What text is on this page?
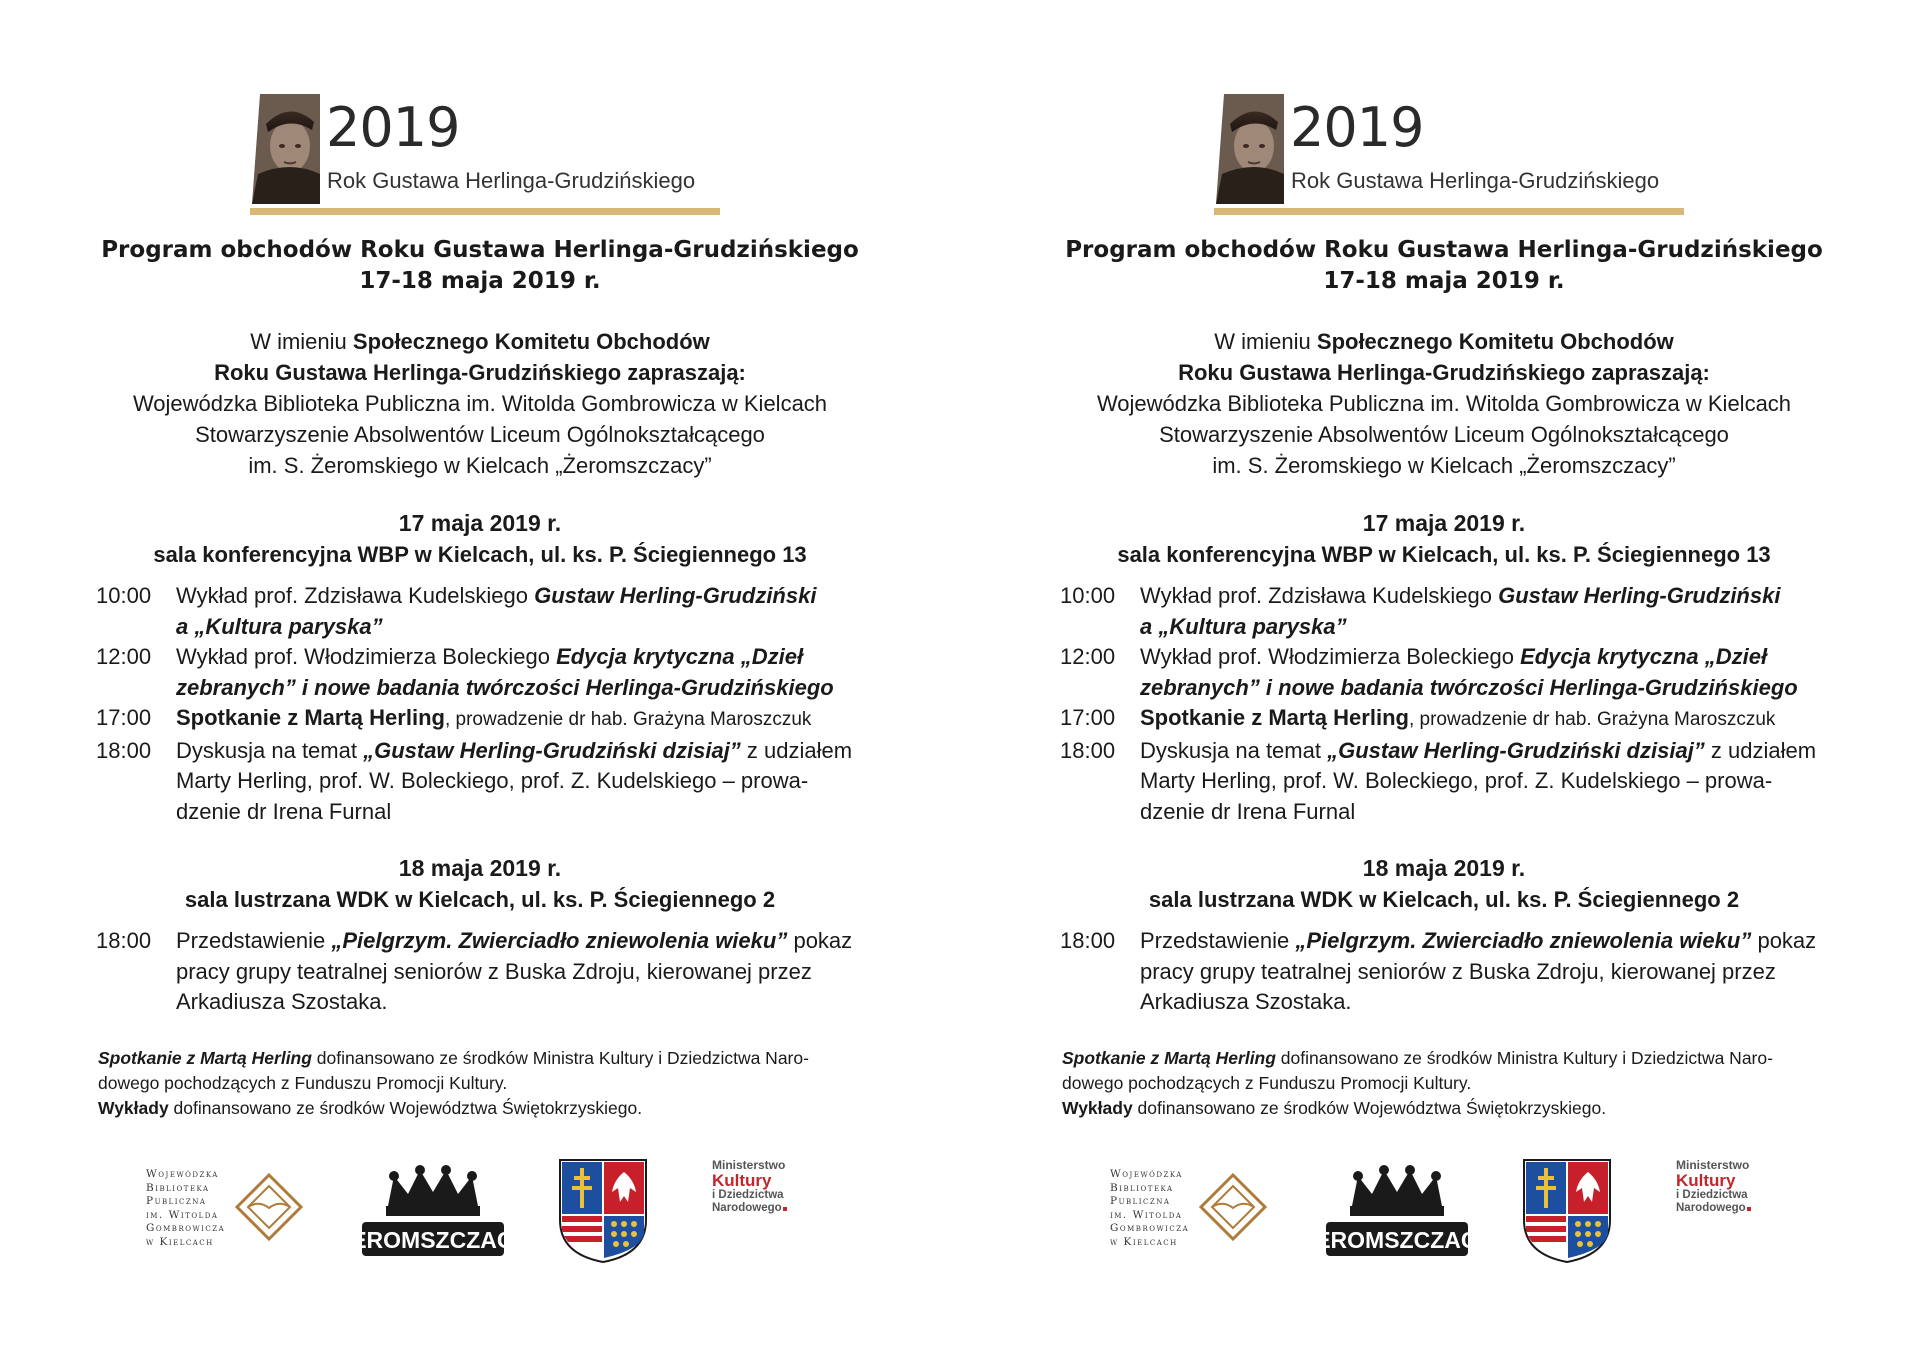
2019
Rok Gustawa Herlinga-Grudzińskiego
Program obchodów Roku Gustawa Herlinga-Grudzińskiego
17-18 maja 2019 r.
W imieniu Społecznego Komitetu Obchodów
Roku Gustawa Herlinga-Grudzińskiego zapraszają:
Wojewódzka Biblioteka Publiczna im. Witolda Gombrowicza w Kielcach
Stowarzyszenie Absolwentów Liceum Ogólnokształcącego
im. S. Żeromskiego w Kielcach „Żeromszczacy”
17 maja 2019 r.
sala konferencyjna WBP w Kielcach, ul. ks. P. Ściegiennego 13
10:00	Wykład prof. Zdzisława Kudelskiego Gustaw Herling-Grudziński
a „Kultura paryska”
12:00	Wykład prof. Włodzimierza Boleckiego Edycja krytyczna „Dzieł
zebranych” i nowe badania twórczości Herlinga-Grudzińskiego
17:00	Spotkanie z Martą Herling, prowadzenie dr hab. Grażyna Maroszczuk
18:00	Dyskusja na temat „Gustaw Herling-Grudziński dzisiaj” z udziałem
Marty Herling, prof. W. Boleckiego, prof. Z. Kudelskiego – prowa-
dzenie dr Irena Furnal
18 maja 2019 r.
sala lustrzana WDK w Kielcach, ul. ks. P. Ściegiennego 2
18:00	Przedstawienie „Pielgrzym. Zwierciadło zniewolenia wieku” pokaz
pracy grupy teatralnej seniorów z Buska Zdroju, kierowanej przez
Arkadiusza Szostaka.
Spotkanie z Martą Herling dofinansowano ze środków Ministra Kultury i Dziedzictwa Naro-
dowego pochodzących z Funduszu Promocji Kultury.
Wykłady dofinansowano ze środków Województwa Świętokrzyskiego.
Wojewódzka
Biblioteka
Publiczna
im. Witolda
Gombrowicza
w Kielcach	ŻEROMSZCZACY
Ministerstwo
Kultury
i Dziedzictwa
Narodowego
2019
Rok Gustawa Herlinga-Grudzińskiego
Program obchodów Roku Gustawa Herlinga-Grudzińskiego
17-18 maja 2019 r.
W imieniu Społecznego Komitetu Obchodów
Roku Gustawa Herlinga-Grudzińskiego zapraszają:
Wojewódzka Biblioteka Publiczna im. Witolda Gombrowicza w Kielcach
Stowarzyszenie Absolwentów Liceum Ogólnokształcącego
im. S. Żeromskiego w Kielcach „Żeromszczacy”
17 maja 2019 r.
sala konferencyjna WBP w Kielcach, ul. ks. P. Ściegiennego 13
10:00	Wykład prof. Zdzisława Kudelskiego Gustaw Herling-Grudziński
a „Kultura paryska”
12:00	Wykład prof. Włodzimierza Boleckiego Edycja krytyczna „Dzieł
zebranych” i nowe badania twórczości Herlinga-Grudzińskiego
17:00	Spotkanie z Martą Herling, prowadzenie dr hab. Grażyna Maroszczuk
18:00	Dyskusja na temat „Gustaw Herling-Grudziński dzisiaj” z udziałem
Marty Herling, prof. W. Boleckiego, prof. Z. Kudelskiego – prowa-
dzenie dr Irena Furnal
18 maja 2019 r.
sala lustrzana WDK w Kielcach, ul. ks. P. Ściegiennego 2
18:00	Przedstawienie „Pielgrzym. Zwierciadło zniewolenia wieku” pokaz
pracy grupy teatralnej seniorów z Buska Zdroju, kierowanej przez
Arkadiusza Szostaka.
Spotkanie z Martą Herling dofinansowano ze środków Ministra Kultury i Dziedzictwa Naro-
dowego pochodzących z Funduszu Promocji Kultury.
Wykłady dofinansowano ze środków Województwa Świętokrzyskiego.
Wojewódzka
Biblioteka
Publiczna
im. Witolda
Gombrowicza
w Kielcach	ŻEROMSZCZACY
Ministerstwo
Kultury
i Dziedzictwa
Narodowego
